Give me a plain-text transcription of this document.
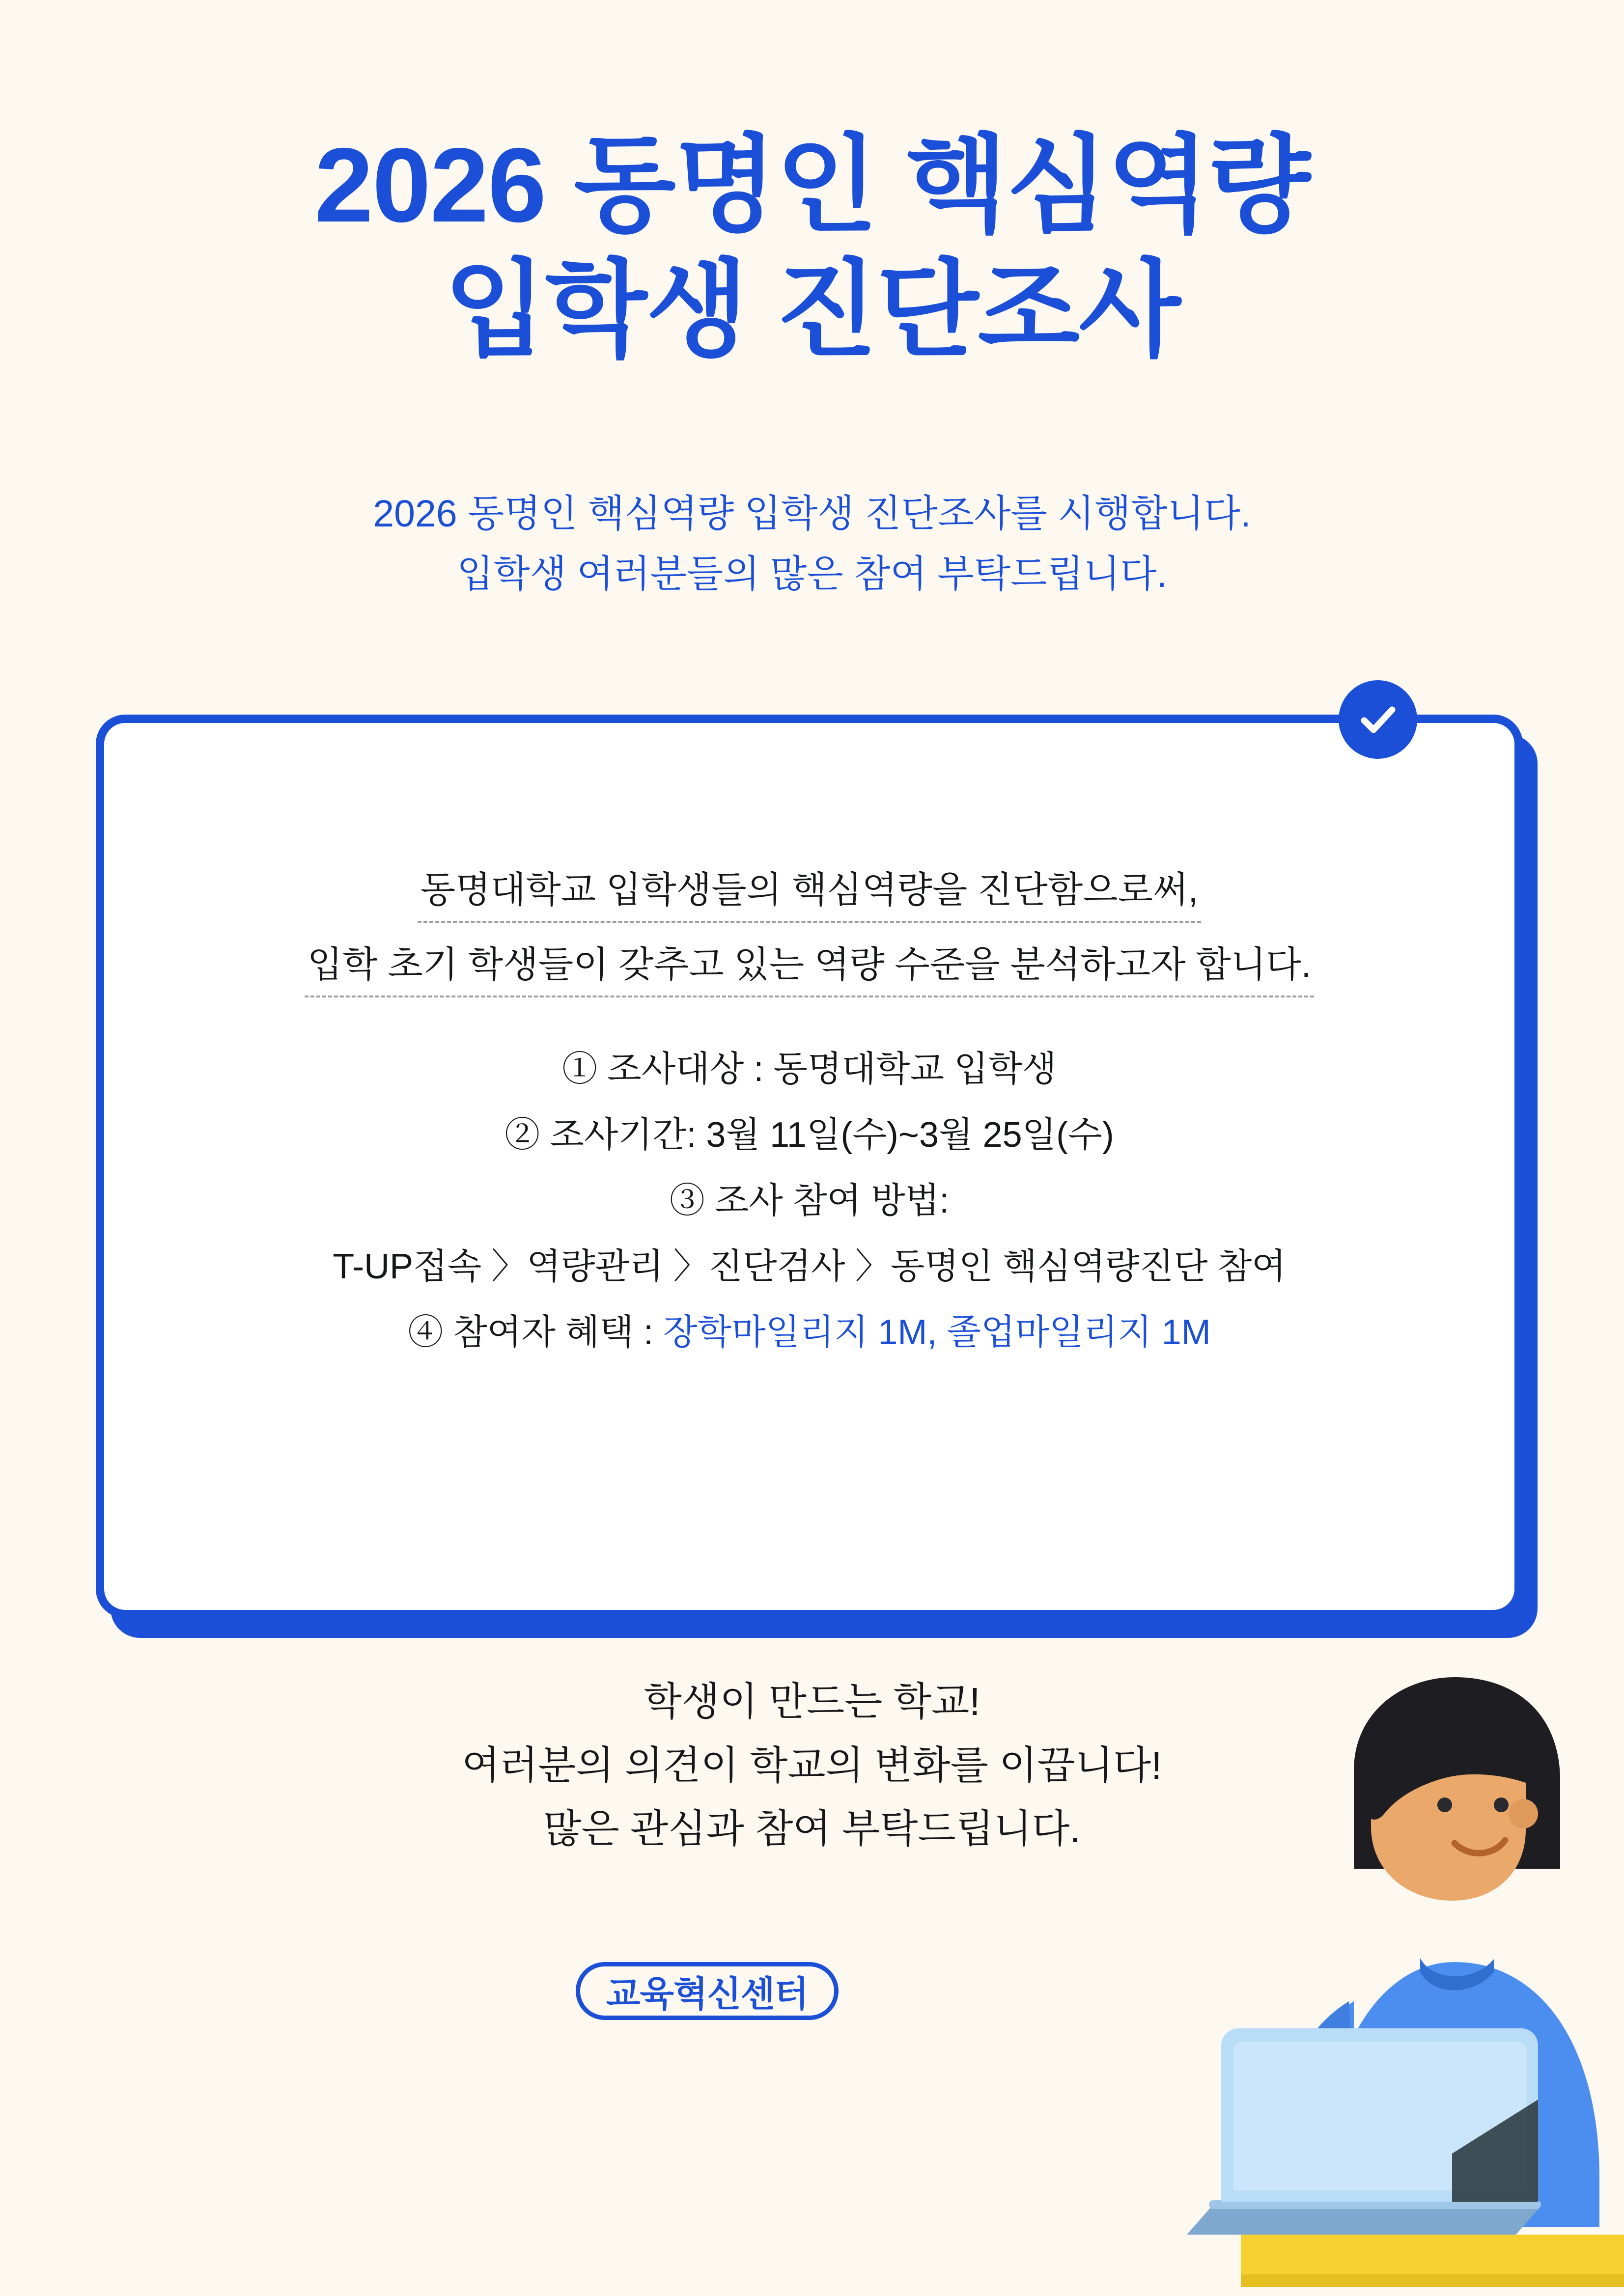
2026 동명인 핵심역량
입학생 진단조사
2026 동명인 핵심역량 입학생 진단조사를 시행합니다.
입학생 여러분들의 많은 참여 부탁드립니다.
동명대학교 입학생들의 핵심역량을 진단함으로써,
입학 초기 학생들이 갖추고 있는 역량 수준을 분석하고자 합니다.
① 조사대상 : 동명대학교 입학생
② 조사기간: 3월 11일(수)~3월 25일(수)
③ 조사 참여 방법:
T-UP접속 〉역량관리 〉진단검사 〉동명인 핵심역량진단 참여
④ 참여자 혜택 : 장학마일리지 1M, 졸업마일리지 1M
학생이 만드는 학교!
여러분의 의견이 학교의 변화를 이끕니다!
많은 관심과 참여 부탁드립니다.
교육혁신센터
